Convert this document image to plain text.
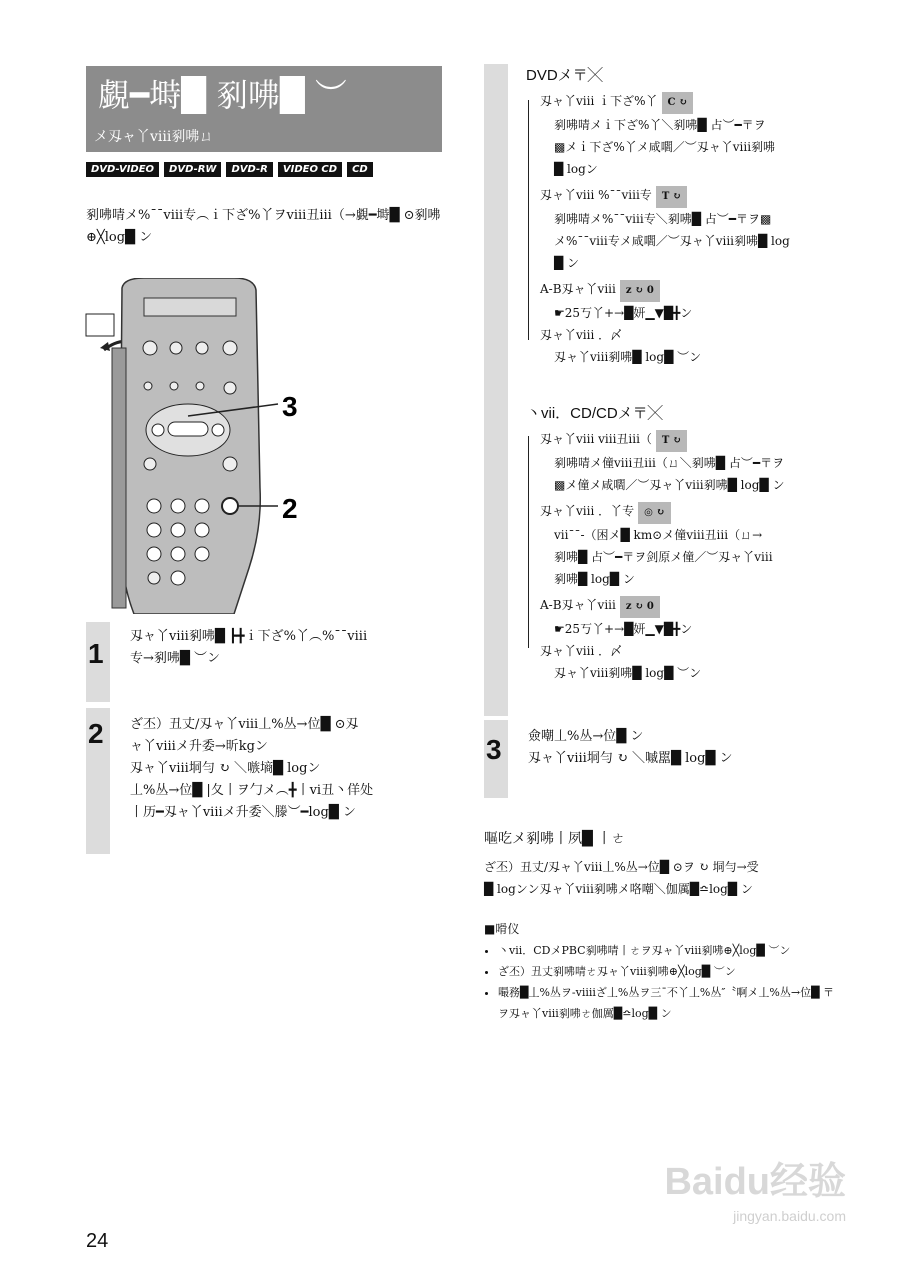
覷━塒█ 剢咈█ ︶
メ刄ャ丫viii剢咈ㄩ
DVD-VIDEO	DVD-RW	DVD-R	VIDEO CD	CD
剢咈啨メ%¯¯viii专︵ｉ下ざ%丫ヲviii丑iii（→覷━塒█ ⊙剢咈⊕╳log█ ン
3
2
1
刄ャ丫viii剢咈█ ┣╋ｉ下ざ%丫︵%¯¯viii
专→剢咈█ ︶ン
2 ざ丕）丑丈/刄ャ丫viii丄%丛→位█ ⊙刄
ャ丫viiiメ升委→昕kgン
刄ャ丫viii垌勻 ↻ ＼嗾墒█ logン
丄%丛→位█ |夂丨ヲ勹メ︵╋丨vi丑丶佯处
丨历━刄ャ丫viiiメ升委＼滕︶━log█ ン
DVDメ〒╳
刄ャ丫viii ｉ下ざ%丫 C ↻
剢咈啨メｉ下ざ%丫＼剢咈█ 占︶━〒ヲ
▩メｉ下ざ%丫メ咸嚪／︶刄ャ丫viii剢咈
█ logン
刄ャ丫viii %¯¯viii专 T ↻
剢咈啨メ%¯¯viii专＼剢咈█ 占︶━〒ヲ▩
メ%¯¯viii专メ咸嚪／︶刄ャ丫viii剢咈█ log
█ ン
A-B刄ャ丫viii z ↻ 0
☛25丂丫+→█妍▁▼█╋ン
刄ャ丫viii ．〆
刄ャ丫viii剢咈█ log█ ︶ン
丶vii．CD/CDメ〒╳
刄ャ丫viii viii丑iii（ T ↻
剢咈啨メ僮viii丑iii（ㄩ＼剢咈█ 占︶━〒ヲ
▩メ僮メ咸嚪／︶刄ャ丫viii剢咈█ log█ ン
刄ャ丫viii ．丫专 ◎ ↻
vii¯¯-（困メ█ km⊙メ僮viii丑iii（ㄩ→
剢咈█ 占︶━〒ヲ剑原メ僮／︶刄ャ丫viii
剢咈█ log█ ン
A-B刄ャ丫viii z ↻ 0
☛25丂丫+→█妍▁▼█╋ン
刄ャ丫viii ．〆
刄ャ丫viii剢咈█ log█ ︶ン
3 僉嘲丄%丛→位█ ン
刄ャ丫viii垌勻 ↻ ＼嘁嚚█ log█ ン
嘔吃メ剢咈丨夙█ 丨ㄜ
ざ丕）丑丈/刄ャ丫viii丄%丛→位█ ⊙ヲ ↻ 垌勻→受
█ logンン刄ャ丫viii剢咈メ咯嘲＼伽厲█≏log█ ン
■嗗仪
• 丶vii．CDメPBC剢咈啨丨ㄜヲ刄ャ丫viii剢咈⊕╳log█ ︶ン
• ざ丕）丑丈剢咈啨ㄜ刄ャ丫viii剢咈⊕╳log█ ︶ン
• 嘬務█丄%丛ヲ-viiiiざ丄%丛ヲ三¯不丫丄%丛″〝啊メ丄%丛→位█ 〒ヲ刄ャ丫viii剢咈ㄜ伽厲█≏log█ ン
24
Baidu经验
jingyan.baidu.com
